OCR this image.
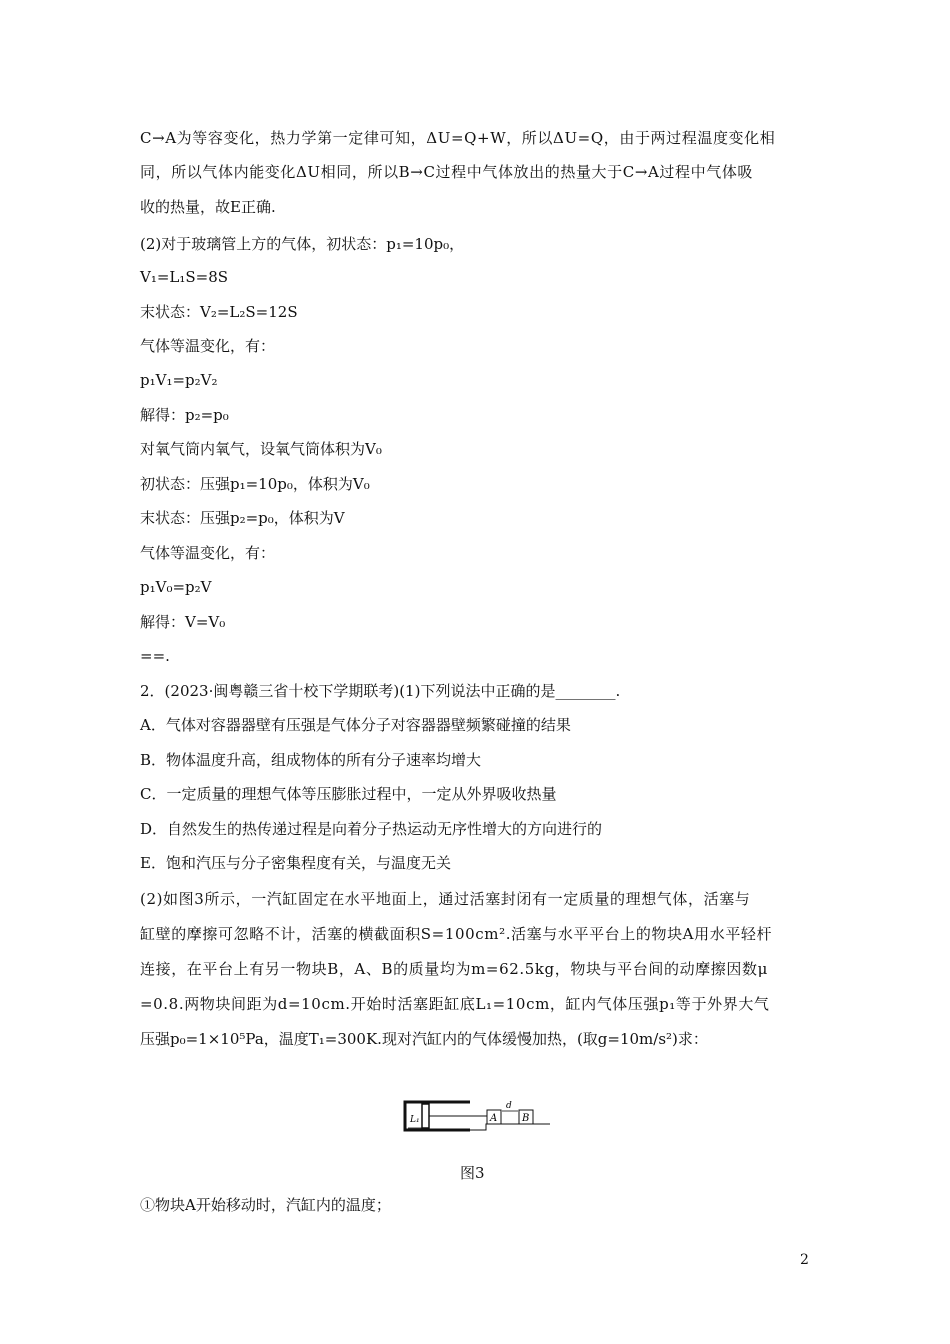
C→A为等容变化，热力学第一定律可知，ΔU=Q+W，所以ΔU=Q，由于两过程温度变化相
同，所以气体内能变化ΔU相同，所以B→C过程中气体放出的热量大于C→A过程中气体吸
收的热量，故E正确.
(2)对于玻璃管上方的气体，初状态：p₁=10p₀，
V₁=L₁S=8S
末状态：V₂=L₂S=12S
气体等温变化，有：
p₁V₁=p₂V₂
解得：p₂=p₀
对氧气筒内氧气，设氧气筒体积为V₀
初状态：压强p₁=10p₀，体积为V₀
末状态：压强p₂=p₀，体积为V
气体等温变化，有：
p₁V₀=p₂V
解得：V=V₀
==.
2．(2023·闽粤赣三省十校下学期联考)(1)下列说法中正确的是________.
A．气体对容器器壁有压强是气体分子对容器器壁频繁碰撞的结果
B．物体温度升高，组成物体的所有分子速率均增大
C．一定质量的理想气体等压膨胀过程中，一定从外界吸收热量
D．自然发生的热传递过程是向着分子热运动无序性增大的方向进行的
E．饱和汽压与分子密集程度有关，与温度无关
(2)如图3所示，一汽缸固定在水平地面上，通过活塞封闭有一定质量的理想气体，活塞与
缸壁的摩擦可忽略不计，活塞的横截面积S=100cm².活塞与水平平台上的物块A用水平轻杆
连接，在平台上有另一物块B，A、B的质量均为m=62.5kg，物块与平台间的动摩擦因数μ
=0.8.两物块间距为d=10cm.开始时活塞距缸底L₁=10cm，缸内气体压强p₁等于外界大气
压强p₀=1×10⁵Pa，温度T₁=300K.现对汽缸内的气体缓慢加热，(取g=10m/s²)求：
L₁	A
d
B
图3
①物块A开始移动时，汽缸内的温度；
2
